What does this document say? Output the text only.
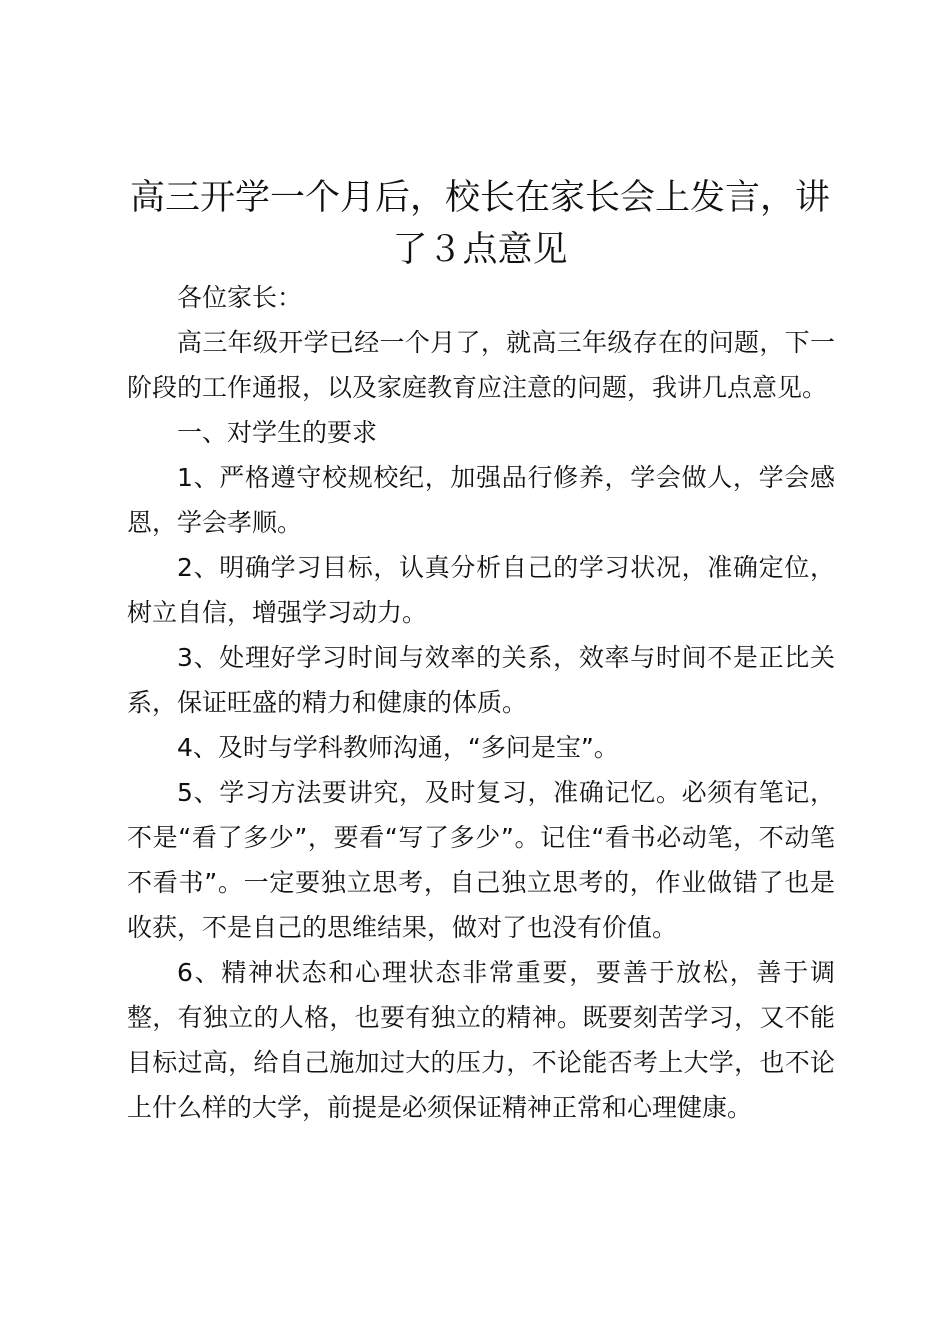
高三开学一个月后，校长在家长会上发言，讲了３点意见

各位家长：

高三年级开学已经一个月了，就高三年级存在的问题，下一阶段的工作通报，以及家庭教育应注意的问题，我讲几点意见。

一、对学生的要求

1、严格遵守校规校纪，加强品行修养，学会做人，学会感恩，学会孝顺。

2、明确学习目标，认真分析自己的学习状况，准确定位，树立自信，增强学习动力。

3、处理好学习时间与效率的关系，效率与时间不是正比关系，保证旺盛的精力和健康的体质。

4、及时与学科教师沟通，“多问是宝”。

5、学习方法要讲究，及时复习，准确记忆。必须有笔记，不是“看了多少”，要看“写了多少”。记住“看书必动笔，不动笔不看书”。一定要独立思考，自己独立思考的，作业做错了也是收获，不是自己的思维结果，做对了也没有价值。

6、精神状态和心理状态非常重要，要善于放松，善于调整，有独立的人格，也要有独立的精神。既要刻苦学习，又不能目标过高，给自己施加过大的压力，不论能否考上大学，也不论上什么样的大学，前提是必须保证精神正常和心理健康。
